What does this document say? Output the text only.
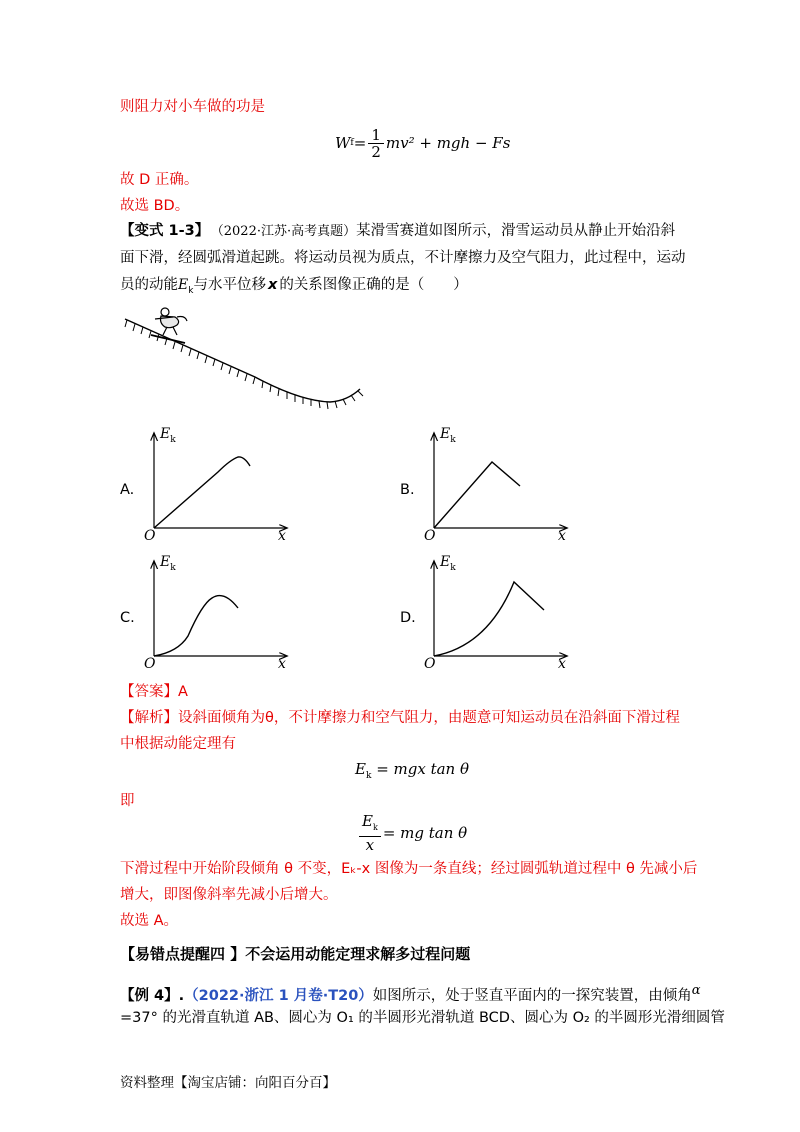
则阻力对小车做的功是
W $f = \frac{1}{2} mv^2$ + mgh − Fs
故 D 正确。
故选 BD。
【变式 1-3】 （2022·江苏·高考真题）某滑雪赛道如图所示，滑雪运动员从静止开始沿斜
面下滑，经圆弧滑道起跳。将运动员视为质点，不计摩擦力及空气阻力，此过程中，运动
员的动能$E_k$与水平位移 x 的关系图像正确的是（　　）
A.
$E_k$
O	x
B.
$E_k$
O	x
C.
$E_k$
O	x
D.
$E_k$
O	x
【答案】A
【解析】设斜面倾角为θ，不计摩擦力和空气阻力，由题意可知运动员在沿斜面下滑过程
中根据动能定理有
$E_k$ = mgx tan θ
即
$\frac{E_k}{x}$ = mg tan θ
下滑过程中开始阶段倾角 θ 不变，Eₖ-x 图像为一条直线；经过圆弧轨道过程中 θ 先减小后
增大，即图像斜率先减小后增大。
故选 A。
【易错点提醒四 】不会运用动能定理求解多过程问题
【例 4】.（2022·浙江 1 月卷·T20）如图所示，处于竖直平面内的一探究装置，由倾角α
=37° 的光滑直轨道 AB、圆心为 O₁ 的半圆形光滑轨道 BCD、圆心为 O₂ 的半圆形光滑细圆管
资料整理【淘宝店铺：向阳百分百】
